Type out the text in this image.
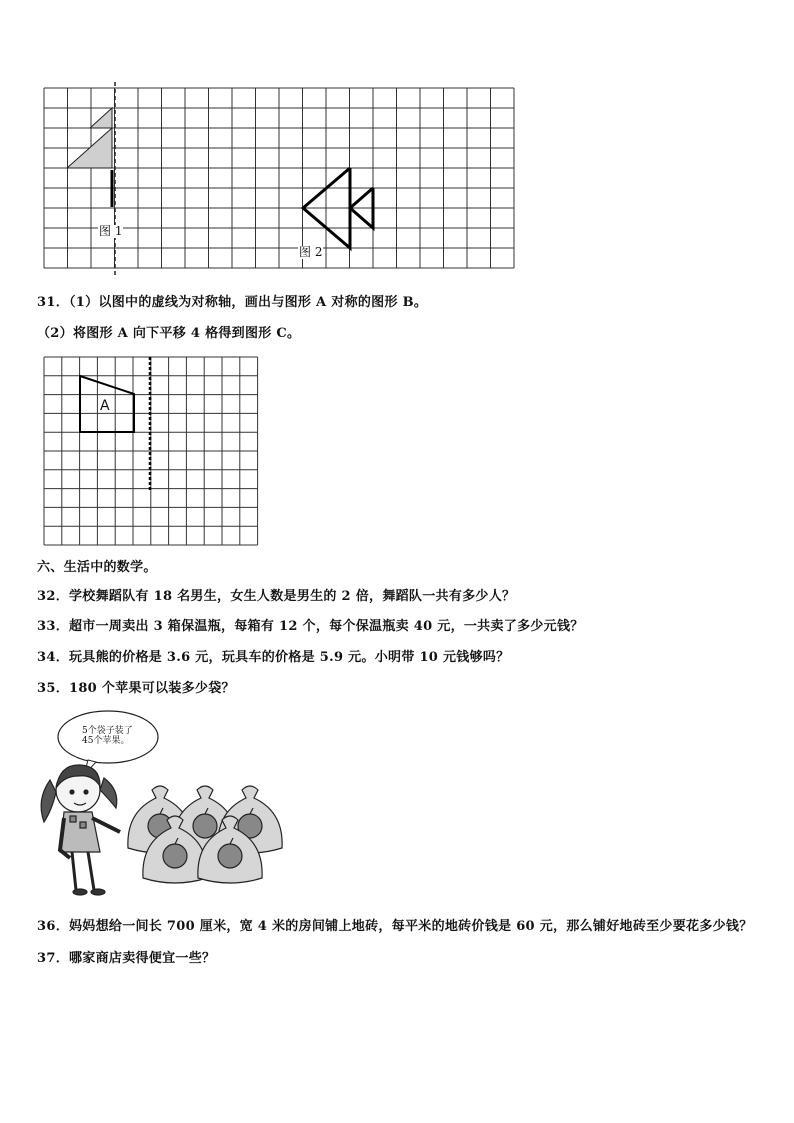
图 1
图 2
31．（1）以图中的虚线为对称轴，画出与图形 A 对称的图形 B。
（2）将图形 A 向下平移 4 格得到图形 C。
A
六、生活中的数学。
32．学校舞蹈队有 18 名男生，女生人数是男生的 2 倍，舞蹈队一共有多少人？
33．超市一周卖出 3 箱保温瓶，每箱有 12 个，每个保温瓶卖 40 元，一共卖了多少元钱？
34．玩具熊的价格是 3.6 元，玩具车的价格是 5.9 元。小明带 10 元钱够吗？
35．180 个苹果可以装多少袋？
5个袋子装了
45个苹果。
36．妈妈想给一间长 700 厘米，宽 4 米的房间铺上地砖，每平米的地砖价钱是 60 元，那么铺好地砖至少要花多少钱？
37．哪家商店卖得便宜一些？
